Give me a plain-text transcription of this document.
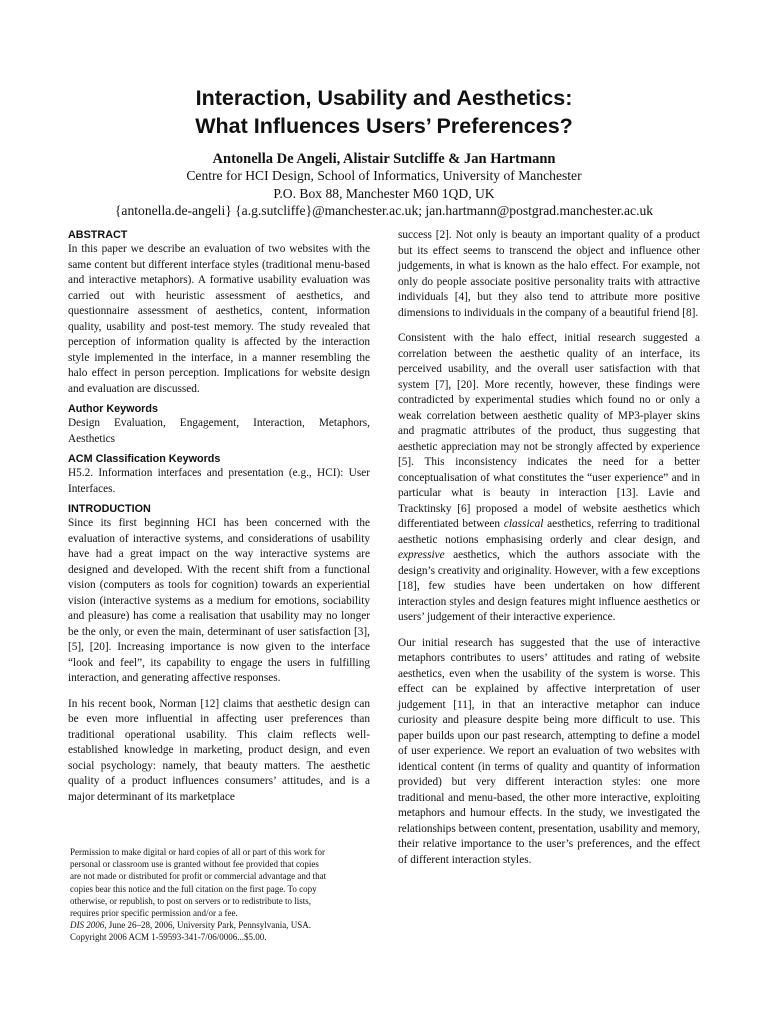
Interaction, Usability and Aesthetics:
What Influences Users’ Preferences?
Antonella De Angeli, Alistair Sutcliffe & Jan Hartmann
Centre for HCI Design, School of Informatics, University of Manchester
P.O. Box 88, Manchester M60 1QD, UK
{antonella.de-angeli} {a.g.sutcliffe}@manchester.ac.uk; jan.hartmann@postgrad.manchester.ac.uk
ABSTRACT

In this paper we describe an evaluation of two websites with the same content but different interface styles (traditional menu-based and interactive metaphors). A formative usability evaluation was carried out with heuristic assessment of aesthetics, and questionnaire assessment of aesthetics, content, information quality, usability and post-test memory. The study revealed that perception of information quality is affected by the interaction style implemented in the interface, in a manner resembling the halo effect in person perception. Implications for website design and evaluation are discussed.

Author Keywords

Design Evaluation, Engagement, Interaction, Metaphors, Aesthetics

ACM Classification Keywords

H5.2. Information interfaces and presentation (e.g., HCI): User Interfaces.

INTRODUCTION

Since its first beginning HCI has been concerned with the evaluation of interactive systems, and considerations of usability have had a great impact on the way interactive systems are designed and developed. With the recent shift from a functional vision (computers as tools for cognition) towards an experiential vision (interactive systems as a medium for emotions, sociability and pleasure) has come a realisation that usability may no longer be the only, or even the main, determinant of user satisfaction [3], [5], [20]. Increasing importance is now given to the interface “look and feel”, its capability to engage the users in fulfilling interaction, and generating affective responses.

In his recent book, Norman [12] claims that aesthetic design can be even more influential in affecting user preferences than traditional operational usability. This claim reflects well-established knowledge in marketing, product design, and even social psychology: namely, that beauty matters. The aesthetic quality of a product influences consumers’ attitudes, and is a major determinant of its marketplace

Permission to make digital or hard copies of all or part of this work for
personal or classroom use is granted without fee provided that copies
are not made or distributed for profit or commercial advantage and that
copies bear this notice and the full citation on the first page. To copy
otherwise, or republish, to post on servers or to redistribute to lists,
requires prior specific permission and/or a fee.
DIS 2006, June 26–28, 2006, University Park, Pennsylvania, USA.
Copyright 2006 ACM 1-59593-341-7/06/0006...$5.00.

success [2]. Not only is beauty an important quality of a product but its effect seems to transcend the object and influence other judgements, in what is known as the halo effect. For example, not only do people associate positive personality traits with attractive individuals [4], but they also tend to attribute more positive dimensions to individuals in the company of a beautiful friend [8].

Consistent with the halo effect, initial research suggested a correlation between the aesthetic quality of an interface, its perceived usability, and the overall user satisfaction with that system [7], [20]. More recently, however, these findings were contradicted by experimental studies which found no or only a weak correlation between aesthetic quality of MP3-player skins and pragmatic attributes of the product, thus suggesting that aesthetic appreciation may not be strongly affected by experience [5]. This inconsistency indicates the need for a better conceptualisation of what constitutes the “user experience” and in particular what is beauty in interaction [13]. Lavie and Tracktinsky [6] proposed a model of website aesthetics which differentiated between classical aesthetics, referring to traditional aesthetic notions emphasising orderly and clear design, and expressive aesthetics, which the authors associate with the design’s creativity and originality. However, with a few exceptions [18], few studies have been undertaken on how different interaction styles and design features might influence aesthetics or users’ judgement of their interactive experience.

Our initial research has suggested that the use of interactive metaphors contributes to users’ attitudes and rating of website aesthetics, even when the usability of the system is worse. This effect can be explained by affective interpretation of user judgement [11], in that an interactive metaphor can induce curiosity and pleasure despite being more difficult to use. This paper builds upon our past research, attempting to define a model of user experience. We report an evaluation of two websites with identical content (in terms of quality and quantity of information provided) but very different interaction styles: one more traditional and menu-based, the other more interactive, exploiting metaphors and humour effects. In the study, we investigated the relationships between content, presentation, usability and memory, their relative importance to the user’s preferences, and the effect of different interaction styles.
